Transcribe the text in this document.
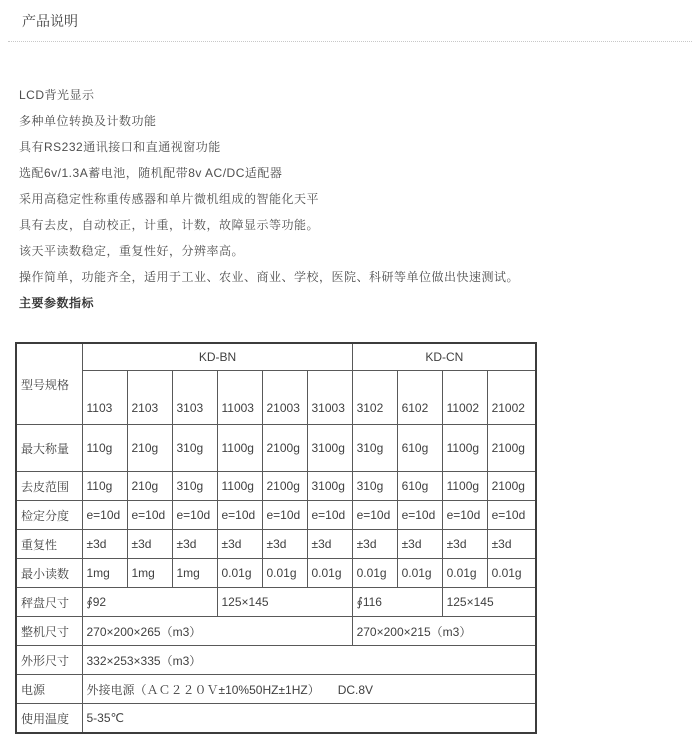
产品说明

LCD背光显示

多种单位转换及计数功能

具有RS232通讯接口和直通视窗功能

选配6v/1.3A蓄电池，随机配带8v AC/DC适配器

采用高稳定性称重传感器和单片微机组成的智能化天平

具有去皮，自动校正，计重，计数，故障显示等功能。

该天平读数稳定，重复性好，分辨率高。

操作简单，功能齐全，适用于工业、农业、商业、学校，医院、科研等单位做出快速测试。

主要参数指标

型号规格	KD-BN						KD-CN			
	1103	2103	3103	11003	21003	31003	3102	6102	11002	21002
最大称量	110g	210g	310g	1100g	2100g	3100g	310g	610g	1100g	2100g
去皮范围	110g	210g	310g	1100g	2100g	3100g	310g	610g	1100g	2100g
检定分度	e=10d	e=10d	e=10d	e=10d	e=10d	e=10d	e=10d	e=10d	e=10d	e=10d
重复性	±3d	±3d	±3d	±3d	±3d	±3d	±3d	±3d	±3d	±3d
最小读数	1mg	1mg	1mg	0.01g	0.01g	0.01g	0.01g	0.01g	0.01g	0.01g
秤盘尺寸	∮92			125×145			∮116		125×145	
整机尺寸	270×200×265（m3）						270×200×215（m3）			
外形尺寸	332×253×335（m3）									
电源	外接电源（ＡＣ２２０Ｖ±10%50HZ±1HZ）　　DC.8V									
使用温度	5-35℃									
